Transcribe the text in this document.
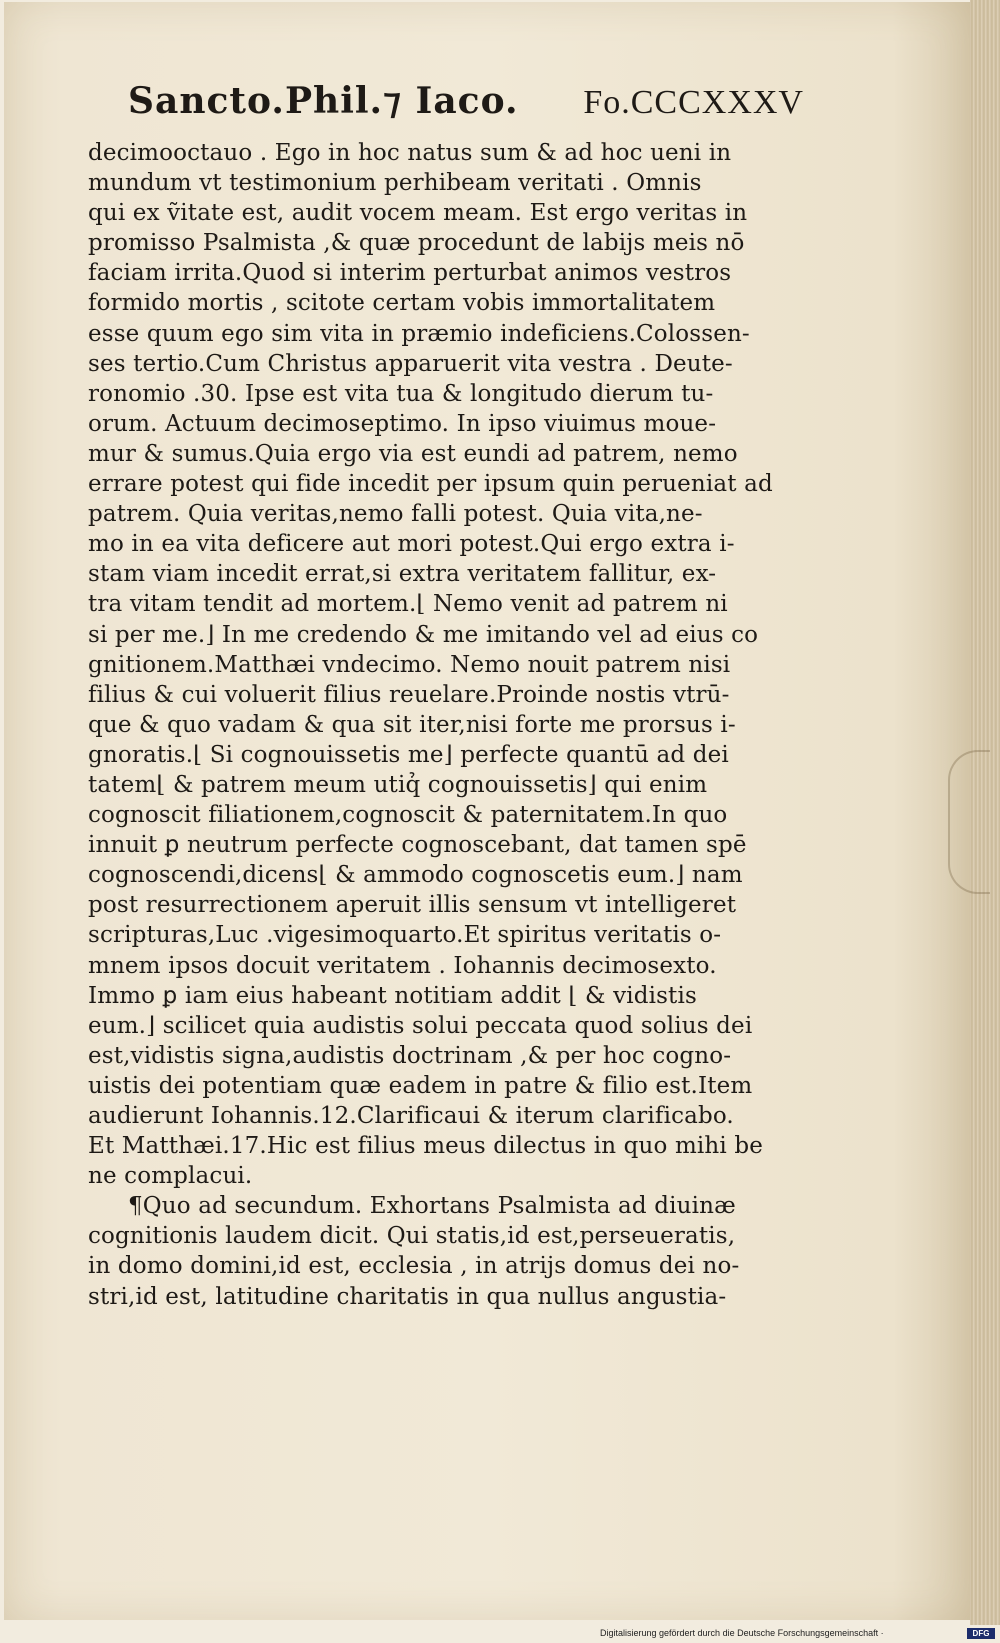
Sancto.Phil.⁊ Iaco. Fo.CCCXXXV
decimooctauo . Ego in hoc natus sum & ad hoc ueni in
mundum vt testimonium perhibeam veritati . Omnis
qui ex ṽitate est, audit vocem meam. Est ergo veritas in
promisso Psalmista ,& quæ procedunt de labijs meis nō
faciam irrita.Quod si interim perturbat animos vestros
formido mortis , scitote certam vobis immortalitatem
esse quum ego sim vita in præmio indeficiens.Colossen-
ses tertio.Cum Christus apparuerit vita vestra . Deute-
ronomio .30. Ipse est vita tua & longitudo dierum tu-
orum. Actuum decimoseptimo. In ipso viuimus moue-
mur & sumus.Quia ergo via est eundi ad patrem, nemo
errare potest qui fide incedit per ipsum quin perueniat ad
patrem. Quia veritas,nemo falli potest. Quia vita,ne-
mo in ea vita deficere aut mori potest.Qui ergo extra i-
stam viam incedit errat,si extra veritatem fallitur, ex-
tra vitam tendit ad mortem.⌊ Nemo venit ad patrem ni
si per me.⌋ In me credendo & me imitando vel ad eius co
gnitionem.Matthæi vndecimo. Nemo nouit patrem nisi
filius & cui voluerit filius reuelare.Proinde nostis vtrū-
que & quo vadam & qua sit iter,nisi forte me prorsus i-
gnoratis.⌊ Si cognouissetis me⌋ perfecte quantū ad dei
tatem⌊ & patrem meum utiq̉ cognouissetis⌋ qui enim
cognoscit filiationem,cognoscit & paternitatem.In quo
innuit ꝑ neutrum perfecte cognoscebant, dat tamen spē
cognoscendi,dicens⌊ & ammodo cognoscetis eum.⌋ nam
post resurrectionem aperuit illis sensum vt intelligeret
scripturas,Luc .vigesimoquarto.Et spiritus veritatis o-
mnem ipsos docuit veritatem . Iohannis decimosexto.
Immo ꝑ iam eius habeant notitiam addit ⌊ & vidistis
eum.⌋ scilicet quia audistis solui peccata quod solius dei
est,vidistis signa,audistis doctrinam ,& per hoc cogno-
uistis dei potentiam quæ eadem in patre & filio est.Item
audierunt Iohannis.12.Clarificaui & iterum clarificabo.
Et Matthæi.17.Hic est filius meus dilectus in quo mihi be
ne complacui.
¶Quo ad secundum. Exhortans Psalmista ad diuinæ
cognitionis laudem dicit. Qui statis,id est,perseueratis,
in domo domini,id est, ecclesia , in atrijs domus dei no-
stri,id est, latitudine charitatis in qua nullus angustia-
Digitalisierung gefördert durch die Deutsche Forschungsgemeinschaft ·	DFG
